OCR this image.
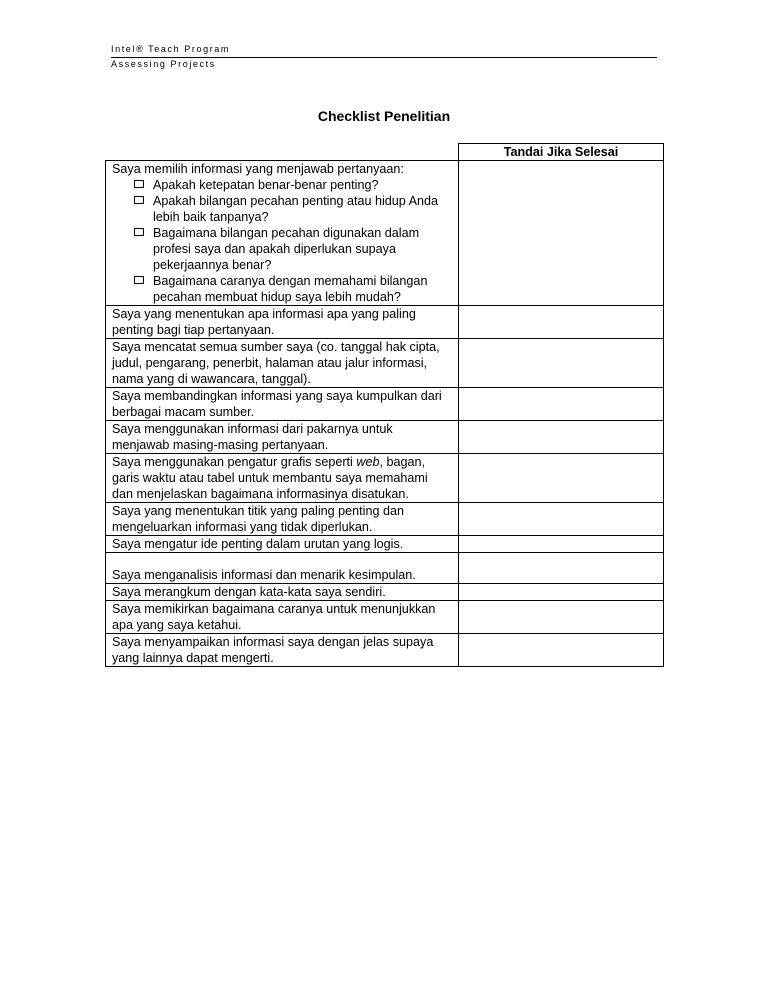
Intel® Teach Program
Assessing Projects
Checklist Penelitian
	Tandai Jika Selesai

Saya memilih informasi yang menjawab pertanyaan:
Apakah ketepatan benar-benar penting?
Apakah bilangan pecahan penting atau hidup Anda lebih baik tanpanya?
Bagaimana bilangan pecahan digunakan dalam profesi saya dan apakah diperlukan supaya pekerjaannya benar?
Bagaimana caranya dengan memahami bilangan pecahan membuat hidup saya lebih mudah?	

Saya yang menentukan apa informasi apa yang paling penting bagi tiap pertanyaan.	
Saya mencatat semua sumber saya (co. tanggal hak cipta, judul, pengarang, penerbit, halaman atau jalur informasi, nama yang di wawancara, tanggal).	
Saya membandingkan informasi yang saya kumpulkan dari berbagai macam sumber.	
Saya menggunakan informasi dari pakarnya untuk menjawab masing-masing pertanyaan.	
Saya menggunakan pengatur grafis seperti web, bagan, garis waktu atau tabel untuk membantu saya memahami dan menjelaskan bagaimana informasinya disatukan.	
Saya yang menentukan titik yang paling penting dan mengeluarkan informasi yang tidak diperlukan.	
Saya mengatur ide penting dalam urutan yang logis.	

Saya menganalisis informasi dan menarik kesimpulan.	

Saya merangkum dengan kata-kata saya sendiri.	
Saya memikirkan bagaimana caranya untuk menunjukkan apa yang saya ketahui.	
Saya menyampaikan informasi saya dengan jelas supaya yang lainnya dapat mengerti.	
